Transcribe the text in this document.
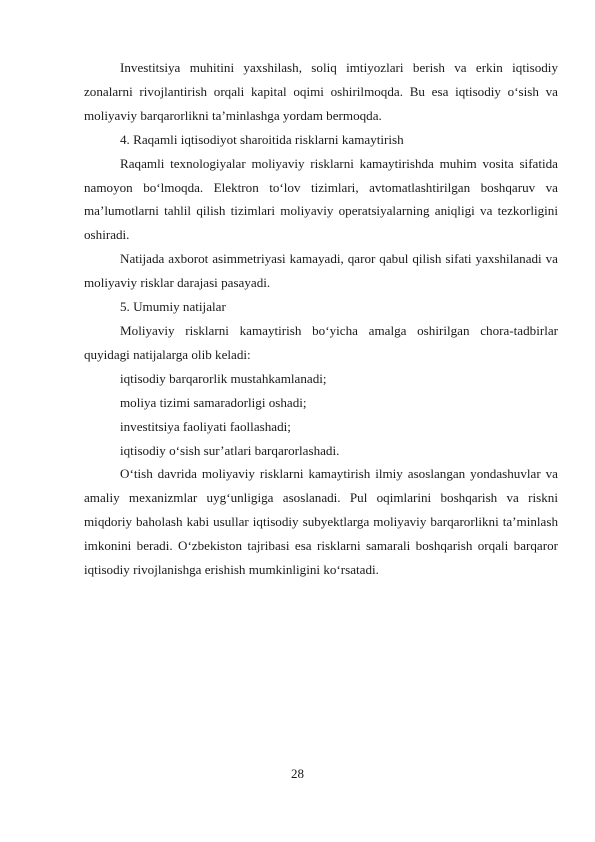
Investitsiya muhitini yaxshilash, soliq imtiyozlari berish va erkin iqtisodiy zonalarni rivojlantirish orqali kapital oqimi oshirilmoqda. Bu esa iqtisodiy o‘sish va moliyaviy barqarorlikni ta’minlashga yordam bermoqda.

4. Raqamli iqtisodiyot sharoitida risklarni kamaytirish

Raqamli texnologiyalar moliyaviy risklarni kamaytirishda muhim vosita sifatida namoyon bo‘lmoqda. Elektron to‘lov tizimlari, avtomatlashtirilgan boshqaruv va ma’lumotlarni tahlil qilish tizimlari moliyaviy operatsiyalarning aniqligi va tezkorligini oshiradi.

Natijada axborot asimmetriyasi kamayadi, qaror qabul qilish sifati yaxshilanadi va moliyaviy risklar darajasi pasayadi.

5. Umumiy natijalar

Moliyaviy risklarni kamaytirish bo‘yicha amalga oshirilgan chora-tadbirlar quyidagi natijalarga olib keladi:

iqtisodiy barqarorlik mustahkamlanadi;

moliya tizimi samaradorligi oshadi;

investitsiya faoliyati faollashadi;

iqtisodiy o‘sish sur’atlari barqarorlashadi.

O‘tish davrida moliyaviy risklarni kamaytirish ilmiy asoslangan yondashuvlar va amaliy mexanizmlar uyg‘unligiga asoslanadi. Pul oqimlarini boshqarish va riskni miqdoriy baholash kabi usullar iqtisodiy subyektlarga moliyaviy barqarorlikni ta’minlash imkonini beradi. O‘zbekiston tajribasi esa risklarni samarali boshqarish orqali barqaror iqtisodiy rivojlanishga erishish mumkinligini ko‘rsatadi.

28
